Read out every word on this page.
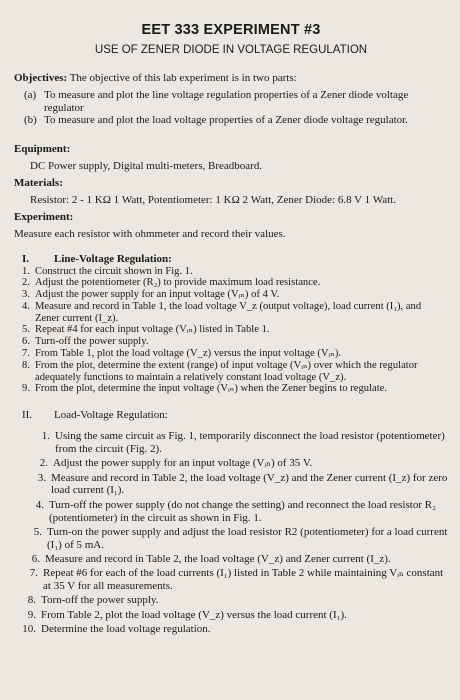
EET 333 EXPERIMENT #3
USE OF ZENER DIODE IN VOLTAGE REGULATION

Objectives: The objective of this lab experiment is in two parts:

(a) To measure and plot the line voltage regulation properties of a Zener diode voltage regulator
(b) To measure and plot the load voltage properties of a Zener diode voltage regulator.

Equipment:

DC Power supply, Digital multi-meters, Breadboard.

Materials:

Resistor: 2 - 1 KΩ 1 Watt, Potentiometer: 1 KΩ 2 Watt, Zener Diode: 6.8 V 1 Watt.

Experiment:

Measure each resistor with ohmmeter and record their values.

I.	Line-Voltage Regulation:
1. Construct the circuit shown in Fig. 1.
2. Adjust the potentiometer (R₂) to provide maximum load resistance.
3. Adjust the power supply for an input voltage (Vᵢₙ) of 4 V.
4. Measure and record in Table 1, the load voltage V_z (output voltage), load current (I₁), and Zener current (I_z).
5. Repeat #4 for each input voltage (Vᵢₙ) listed in Table 1.
6. Turn-off the power supply.
7. From Table 1, plot the load voltage (V_z) versus the input voltage (Vᵢₙ).
8. From the plot, determine the extent (range) of input voltage (Vᵢₙ) over which the regulator adequately functions to maintain a relatively constant load voltage (V_z).
9. From the plot, determine the input voltage (Vᵢₙ) when the Zener begins to regulate.
II.	Load-Voltage Regulation:
1. Using the same circuit as Fig. 1, temporarily disconnect the load resistor (potentiometer) from the circuit (Fig. 2).
2. Adjust the power supply for an input voltage (Vᵢₙ) of 35 V.
3. Measure and record in Table 2, the load voltage (V_z) and the Zener current (I_z) for zero load current (I₁).
4. Turn-off the power supply (do not change the setting) and reconnect the load resistor R₂ (potentiometer) in the circuit as shown in Fig. 1.
5. Turn-on the power supply and adjust the load resistor R2 (potentiometer) for a load current (I₁) of 5 mA.
6. Measure and record in Table 2, the load voltage (V_z) and Zener current (I_z).
7. Repeat #6 for each of the load currents (I₁) listed in Table 2 while maintaining Vᵢₙ constant at 35 V for all measurements.
8. Torn-off the power supply.
9. From Table 2, plot the load voltage (V_z) versus the load current (I₁).
10. Determine the load voltage regulation.
